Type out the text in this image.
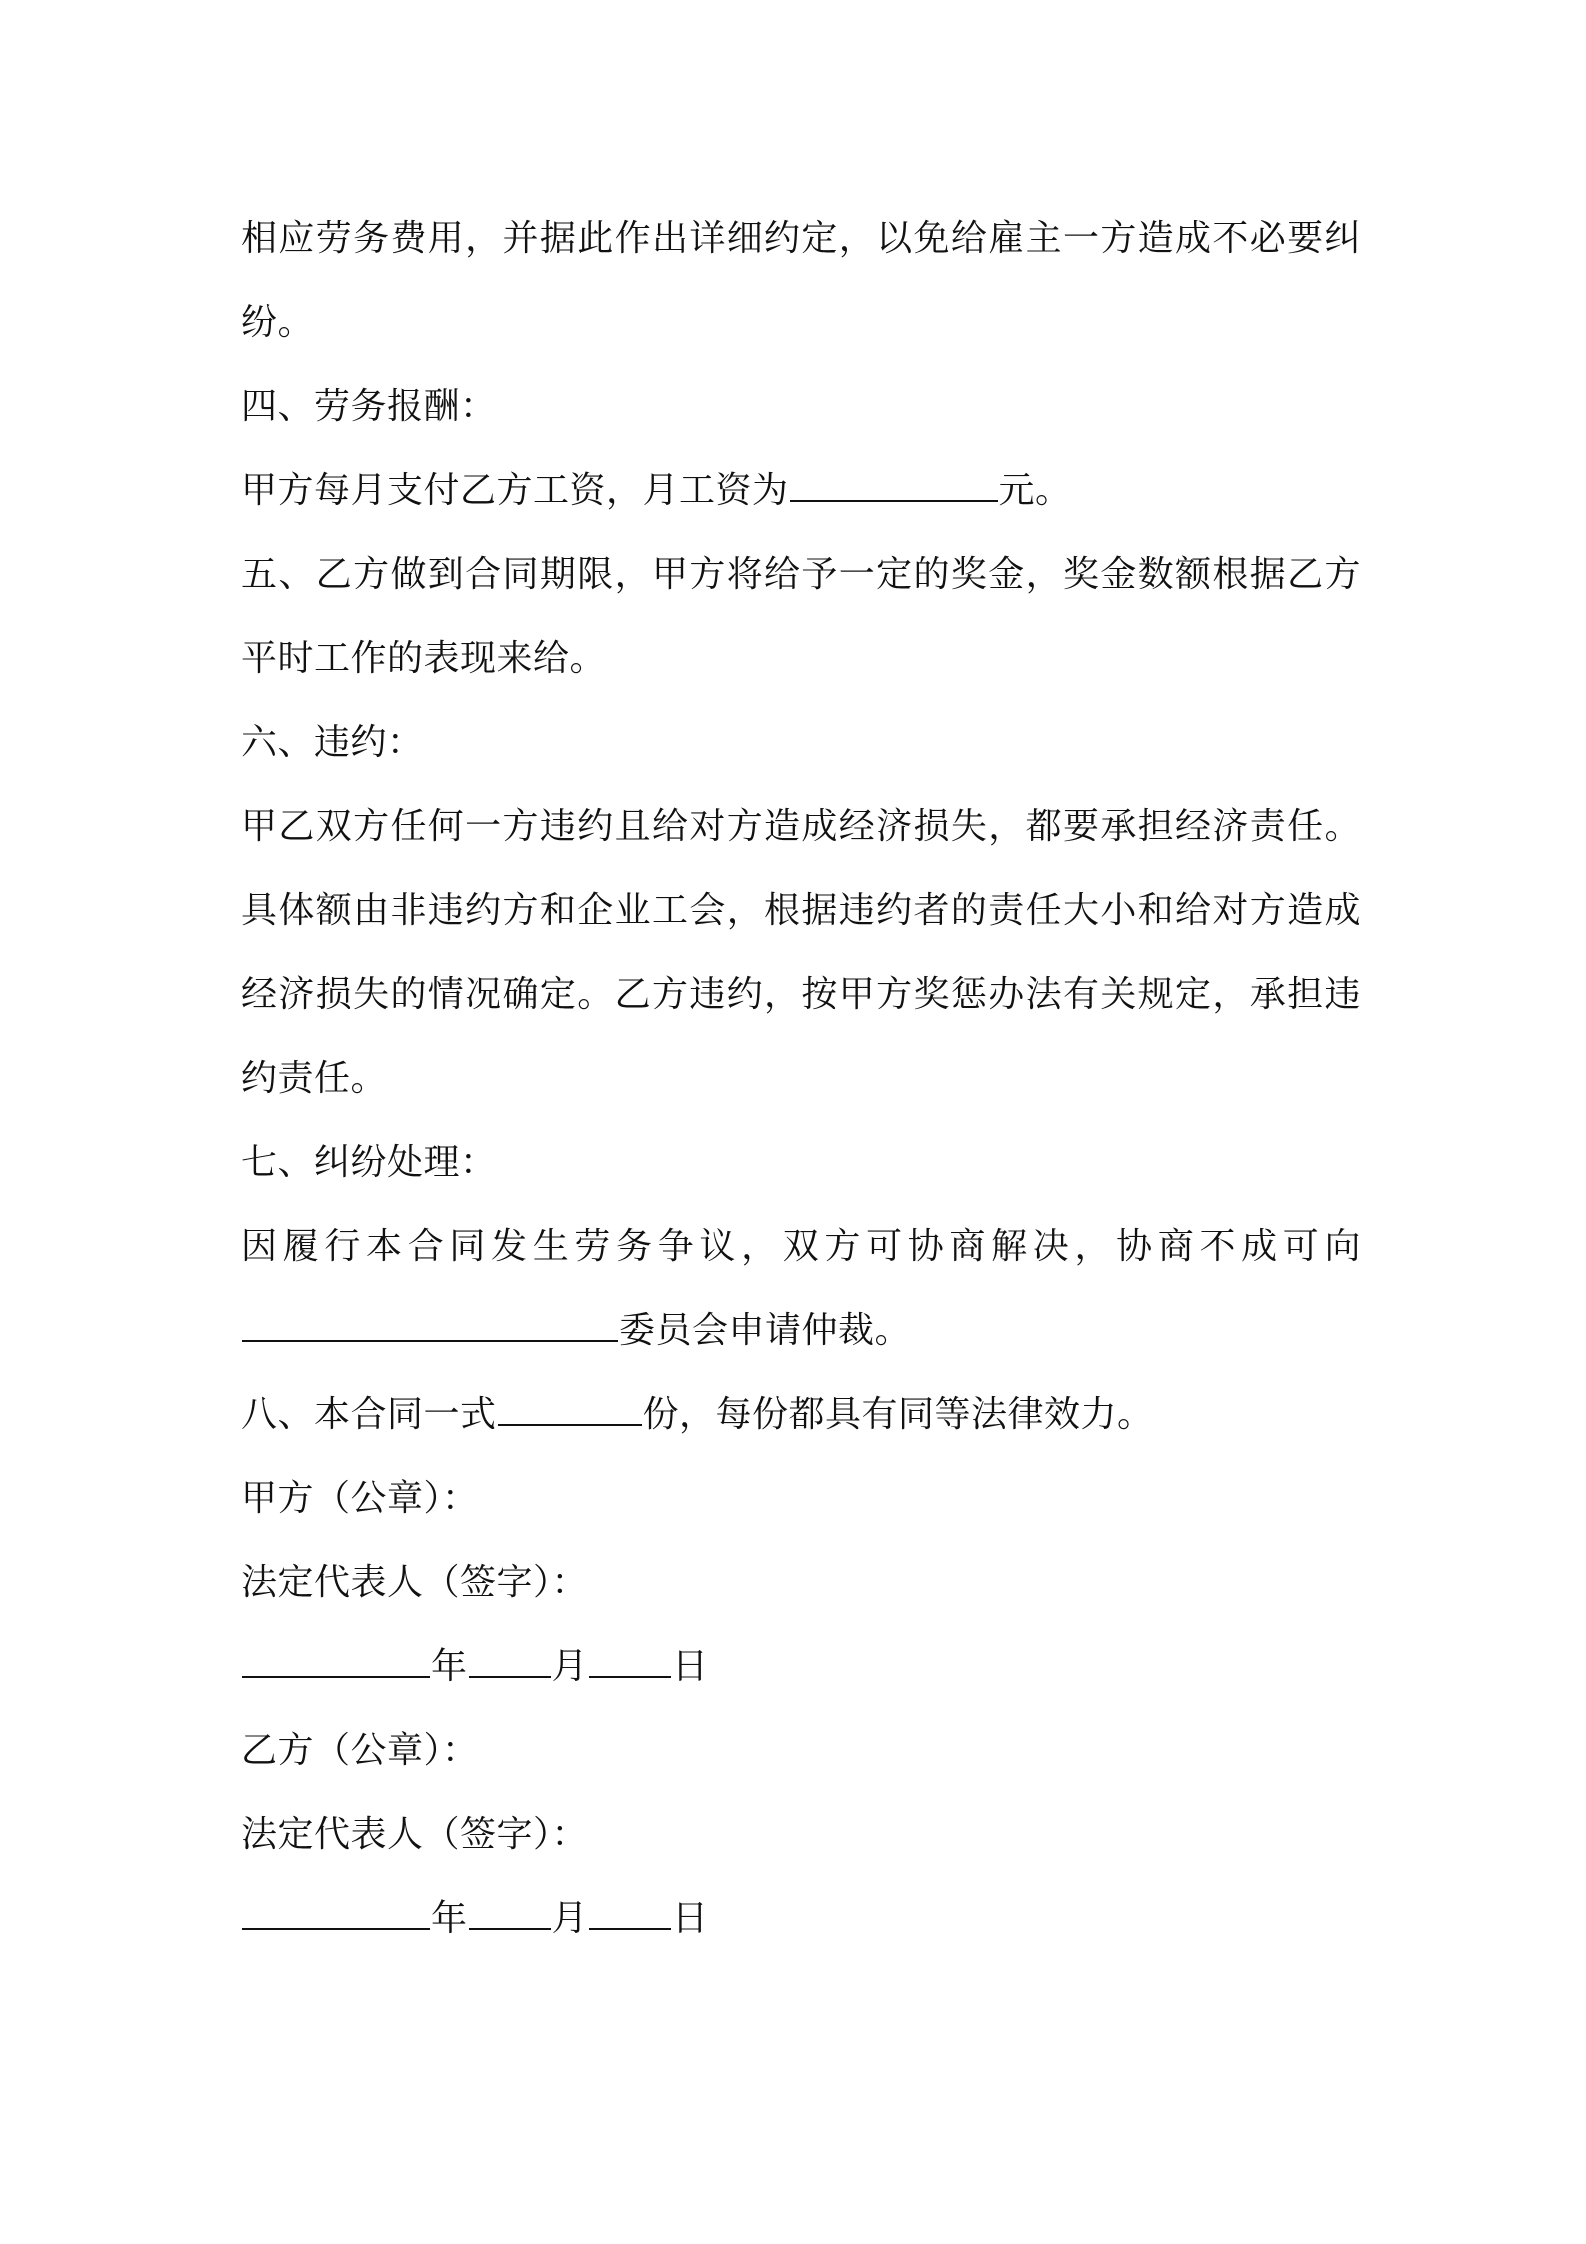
相应劳务费用，并据此作出详细约定，以免给雇主一方造成不必要纠
纷。
四、劳务报酬：
甲方每月支付乙方工资，月工资为	元。
五、乙方做到合同期限，甲方将给予一定的奖金，奖金数额根据乙方
平时工作的表现来给。
六、违约：
甲乙双方任何一方违约且给对方造成经济损失，都要承担经济责任。
具体额由非违约方和企业工会，根据违约者的责任大小和给对方造成
经济损失的情况确定。乙方违约，按甲方奖惩办法有关规定，承担违
约责任。
七、纠纷处理：
因履行本合同发生劳务争议，双方可协商解决，协商不成可向
委员会申请仲裁。
八、本合同一式	份，每份都具有同等法律效力。
甲方（公章）：
法定代表人（签字）：
年 月 日
乙方（公章）：
法定代表人（签字）：
年 月 日
